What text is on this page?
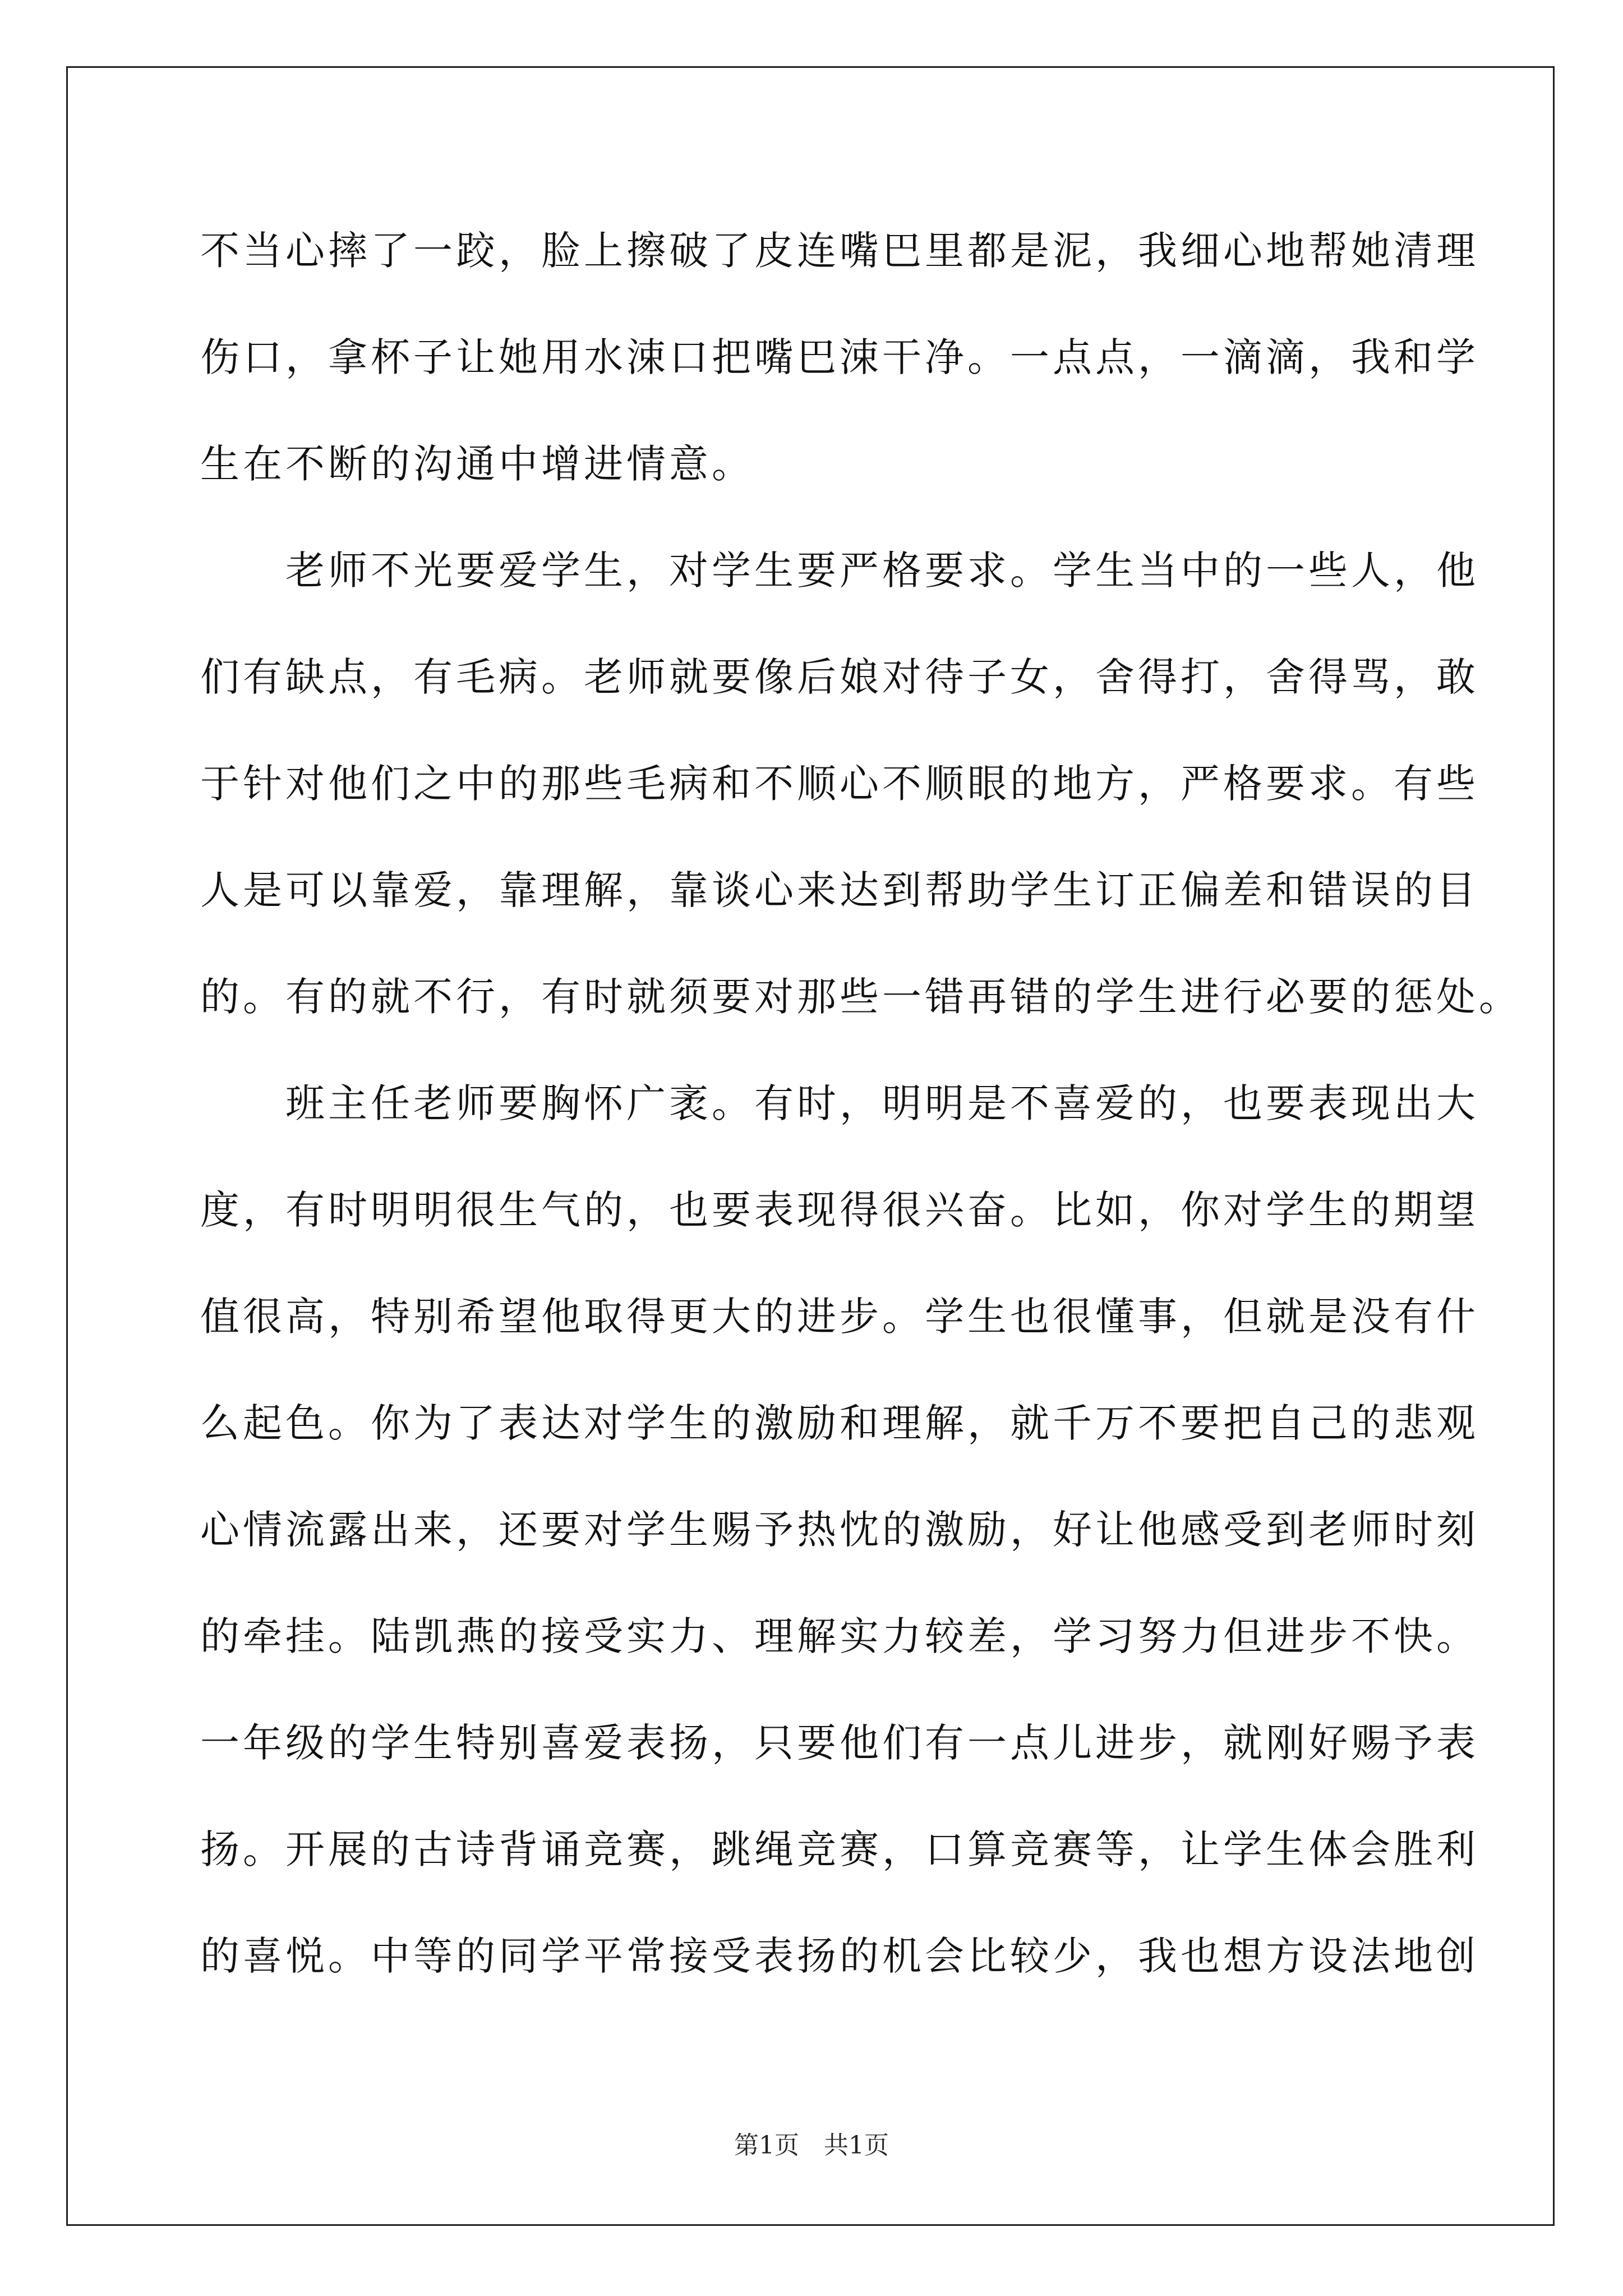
不当心摔了一跤，脸上擦破了皮连嘴巴里都是泥，我细心地帮她清理
伤口，拿杯子让她用水涑口把嘴巴涑干净。一点点，一滴滴，我和学
生在不断的沟通中增进情意。
　　老师不光要爱学生，对学生要严格要求。学生当中的一些人，他
们有缺点，有毛病。老师就要像后娘对待子女，舍得打，舍得骂，敢
于针对他们之中的那些毛病和不顺心不顺眼的地方，严格要求。有些
人是可以靠爱，靠理解，靠谈心来达到帮助学生订正偏差和错误的目
的。有的就不行，有时就须要对那些一错再错的学生进行必要的惩处。
　　班主任老师要胸怀广袤。有时，明明是不喜爱的，也要表现出大
度，有时明明很生气的，也要表现得很兴奋。比如，你对学生的期望
值很高，特别希望他取得更大的进步。学生也很懂事，但就是没有什
么起色。你为了表达对学生的激励和理解，就千万不要把自己的悲观
心情流露出来，还要对学生赐予热忱的激励，好让他感受到老师时刻
的牵挂。陆凯燕的接受实力、理解实力较差，学习努力但进步不快。
一年级的学生特别喜爱表扬，只要他们有一点儿进步，就刚好赐予表
扬。开展的古诗背诵竞赛，跳绳竞赛，口算竞赛等，让学生体会胜利
的喜悦。中等的同学平常接受表扬的机会比较少，我也想方设法地创
第1页　共1页
